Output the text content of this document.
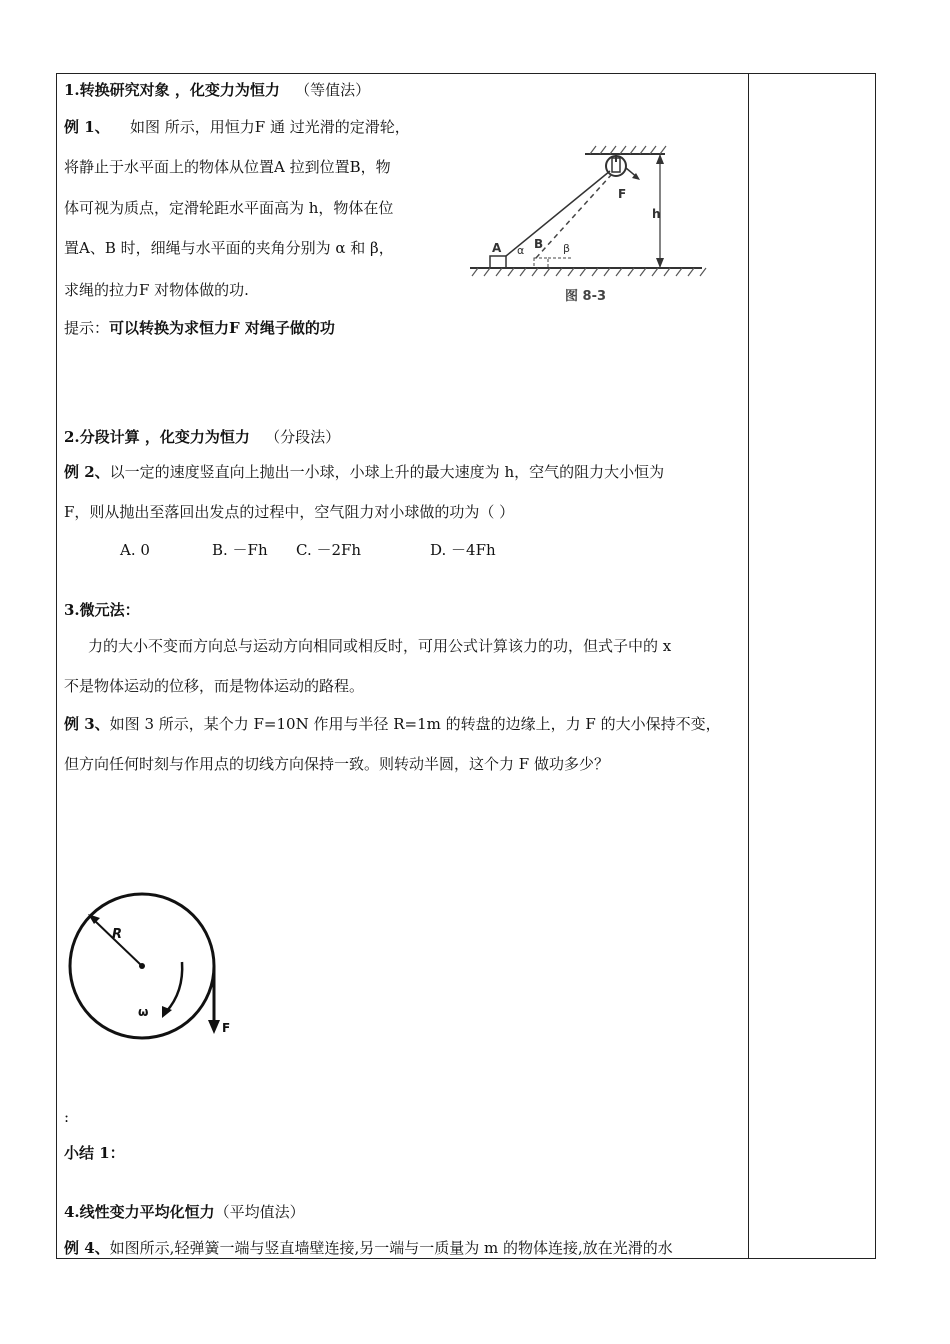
1.转换研究对象 ，化变力为恒力 （等值法）
例 1、 如图 所示，用恒力F 通 过光滑的定滑轮，
将静止于水平面上的物体从位置A 拉到位置B，物
体可视为质点，定滑轮距水平面高为 h，物体在位
置A、B 时，细绳与水平面的夹角分别为 α 和 β，
求绳的拉力F 对物体做的功.
提示：可以转换为求恒力F 对绳子做的功
F
h
A α B β
图 8-3
2.分段计算 ，化变力为恒力 （分段法）
例 2、以一定的速度竖直向上抛出一小球，小球上升的最大速度为 h，空气的阻力大小恒为
F，则从抛出至落回出发点的过程中，空气阻力对小球做的功为（ ）
A. 0	B. －Fh C. －2Fh	D. －4Fh
3.微元法：
力的大小不变而方向总与运动方向相同或相反时，可用公式计算该力的功，但式子中的 x
不是物体运动的位移，而是物体运动的路程。
例 3、如图 3 所示，某个力 F=10N 作用与半径 R=1m 的转盘的边缘上，力 F 的大小保持不变，
但方向任何时刻与作用点的切线方向保持一致。则转动半圆，这个力 F 做功多少？
R
ω
F
:
小结 1：
4.线性变力平均化恒力（平均值法）
例 4、如图所示,轻弹簧一端与竖直墙壁连接,另一端与一质量为 m 的物体连接,放在光滑的水
